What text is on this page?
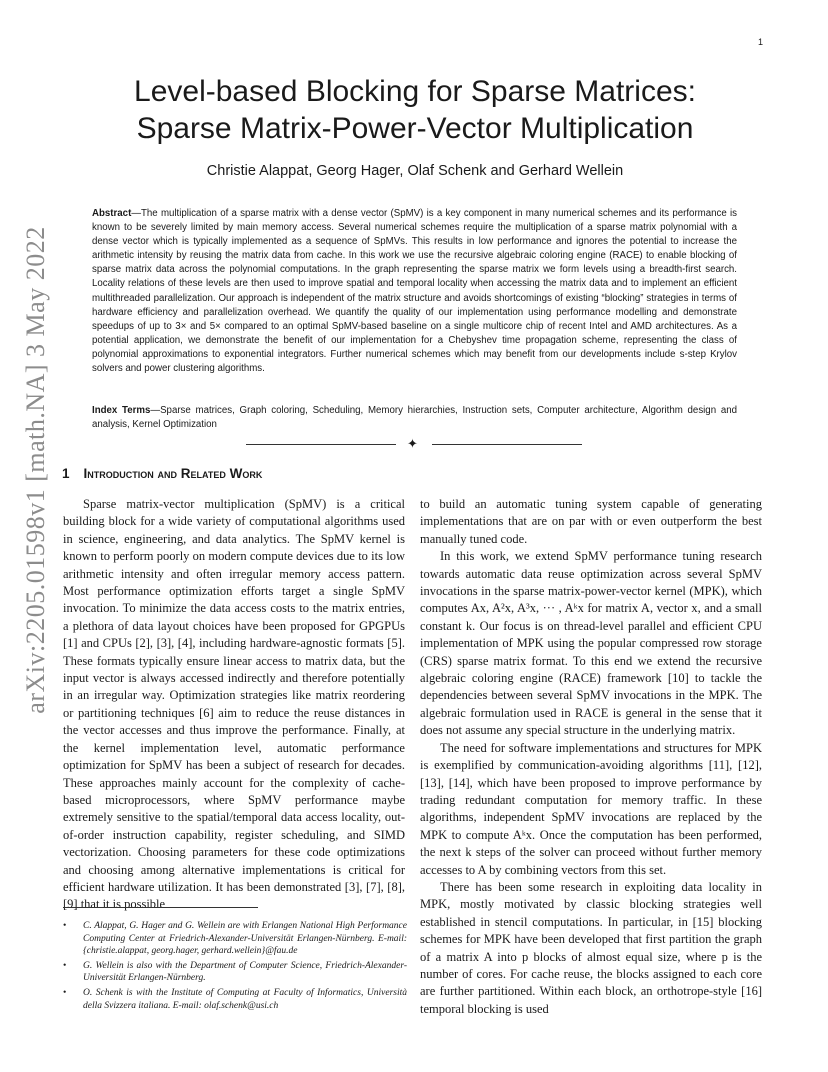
1
arXiv:2205.01598v1 [math.NA] 3 May 2022
Level-based Blocking for Sparse Matrices:
Sparse Matrix-Power-Vector Multiplication
Christie Alappat, Georg Hager, Olaf Schenk and Gerhard Wellein
Abstract—The multiplication of a sparse matrix with a dense vector (SpMV) is a key component in many numerical schemes and its performance is known to be severely limited by main memory access. Several numerical schemes require the multiplication of a sparse matrix polynomial with a dense vector which is typically implemented as a sequence of SpMVs. This results in low performance and ignores the potential to increase the arithmetic intensity by reusing the matrix data from cache. In this work we use the recursive algebraic coloring engine (RACE) to enable blocking of sparse matrix data across the polynomial computations. In the graph representing the sparse matrix we form levels using a breadth-first search. Locality relations of these levels are then used to improve spatial and temporal locality when accessing the matrix data and to implement an efficient multithreaded parallelization. Our approach is independent of the matrix structure and avoids shortcomings of existing “blocking” strategies in terms of hardware efficiency and parallelization overhead. We quantify the quality of our implementation using performance modelling and demonstrate speedups of up to 3× and 5× compared to an optimal SpMV-based baseline on a single multicore chip of recent Intel and AMD architectures. As a potential application, we demonstrate the benefit of our implementation for a Chebyshev time propagation scheme, representing the class of polynomial approximations to exponential integrators. Further numerical schemes which may benefit from our developments include s-step Krylov solvers and power clustering algorithms.
Index Terms—Sparse matrices, Graph coloring, Scheduling, Memory hierarchies, Instruction sets, Computer architecture, Algorithm design and analysis, Kernel Optimization
✦
1 Introduction and Related Work

Sparse matrix-vector multiplication (SpMV) is a critical building block for a wide variety of computational algorithms used in science, engineering, and data analytics. The SpMV kernel is known to perform poorly on modern compute devices due to its low arithmetic intensity and often irregular memory access pattern. Most performance optimization efforts target a single SpMV invocation. To minimize the data access costs to the matrix entries, a plethora of data layout choices have been proposed for GPGPUs [1] and CPUs [2], [3], [4], including hardware-agnostic formats [5]. These formats typically ensure linear access to matrix data, but the input vector is always accessed indirectly and therefore potentially in an irregular way. Optimization strategies like matrix reordering or partitioning techniques [6] aim to reduce the reuse distances in the vector accesses and thus improve the performance. Finally, at the kernel implementation level, automatic performance optimization for SpMV has been a subject of research for decades. These approaches mainly account for the complexity of cache-based microprocessors, where SpMV performance maybe extremely sensitive to the spatial/temporal data access locality, out-of-order instruction capability, register scheduling, and SIMD vectorization. Choosing parameters for these code optimizations and choosing among alternative implementations is critical for efficient hardware utilization. It has been demonstrated [3], [7], [8], [9] that it is possible

to build an automatic tuning system capable of generating implementations that are on par with or even outperform the best manually tuned code.

In this work, we extend SpMV performance tuning research towards automatic data reuse optimization across several SpMV invocations in the sparse matrix-power-vector kernel (MPK), which computes Ax, A²x, A³x, ··· , Aᵏx for matrix A, vector x, and a small constant k. Our focus is on thread-level parallel and efficient CPU implementation of MPK using the popular compressed row storage (CRS) sparse matrix format. To this end we extend the recursive algebraic coloring engine (RACE) framework [10] to tackle the dependencies between several SpMV invocations in the MPK. The algebraic formulation used in RACE is general in the sense that it does not assume any special structure in the underlying matrix.

The need for software implementations and structures for MPK is exemplified by communication-avoiding algorithms [11], [12], [13], [14], which have been proposed to improve performance by trading redundant computation for memory traffic. In these algorithms, independent SpMV invocations are replaced by the MPK to compute Aᵏx. Once the computation has been performed, the next k steps of the solver can proceed without further memory accesses to A by combining vectors from this set.

There has been some research in exploiting data locality in MPK, mostly motivated by classic blocking strategies well established in stencil computations. In particular, in [15] blocking schemes for MPK have been developed that first partition the graph of a matrix A into p blocks of almost equal size, where p is the number of cores. For cache reuse, the blocks assigned to each core are further partitioned. Within each block, an orthotrope-style [16] temporal blocking is used

• C. Alappat, G. Hager and G. Wellein are with Erlangen National High Performance Computing Center at Friedrich-Alexander-Universität Erlangen-Nürnberg. E-mail: {christie.alappat, georg.hager, gerhard.wellein}@fau.de
• G. Wellein is also with the Department of Computer Science, Friedrich-Alexander-Universität Erlangen-Nürnberg.
• O. Schenk is with the Institute of Computing at Faculty of Informatics, Università della Svizzera italiana. E-mail: olaf.schenk@usi.ch
